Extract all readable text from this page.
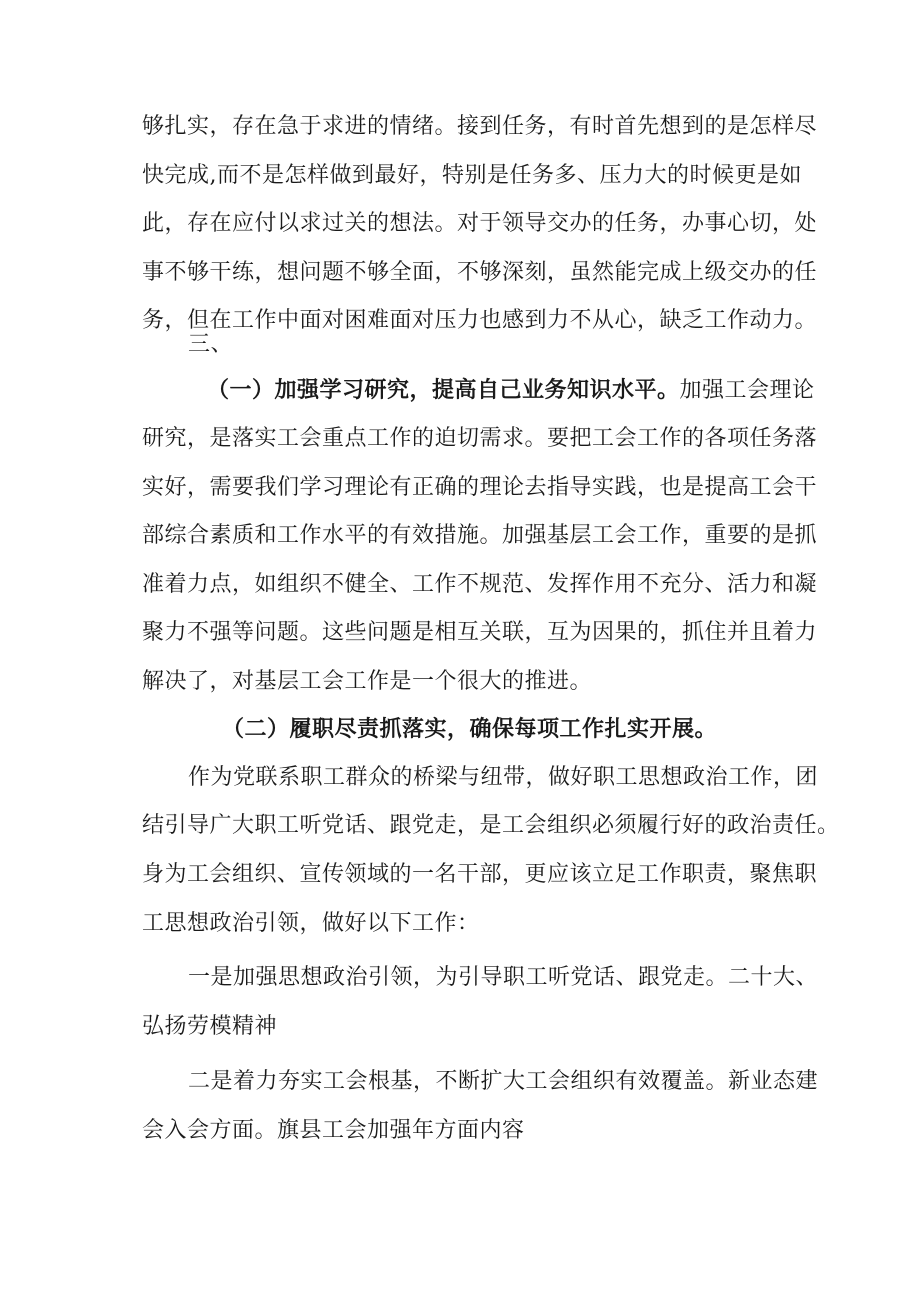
够扎实，存在急于求进的情绪。接到任务，有时首先想到的是怎样尽
快完成,而不是怎样做到最好，特别是任务多、压力大的时候更是如
此，存在应付以求过关的想法。对于领导交办的任务，办事心切，处
事不够干练，想问题不够全面，不够深刻，虽然能完成上级交办的任
务，但在工作中面对困难面对压力也感到力不从心，缺乏工作动力。
三、
（一）加强学习研究，提高自己业务知识水平。加强工会理论
研究，是落实工会重点工作的迫切需求。要把工会工作的各项任务落
实好，需要我们学习理论有正确的理论去指导实践，也是提高工会干
部综合素质和工作水平的有效措施。加强基层工会工作，重要的是抓
准着力点，如组织不健全、工作不规范、发挥作用不充分、活力和凝
聚力不强等问题。这些问题是相互关联，互为因果的，抓住并且着力
解决了，对基层工会工作是一个很大的推进。
（二）履职尽责抓落实，确保每项工作扎实开展。
作为党联系职工群众的桥梁与纽带，做好职工思想政治工作，团
结引导广大职工听党话、跟党走，是工会组织必须履行好的政治责任。
身为工会组织、宣传领域的一名干部，更应该立足工作职责，聚焦职
工思想政治引领，做好以下工作：
一是加强思想政治引领，为引导职工听党话、跟党走。二十大、
弘扬劳模精神
二是着力夯实工会根基，不断扩大工会组织有效覆盖。新业态建
会入会方面。旗县工会加强年方面内容
